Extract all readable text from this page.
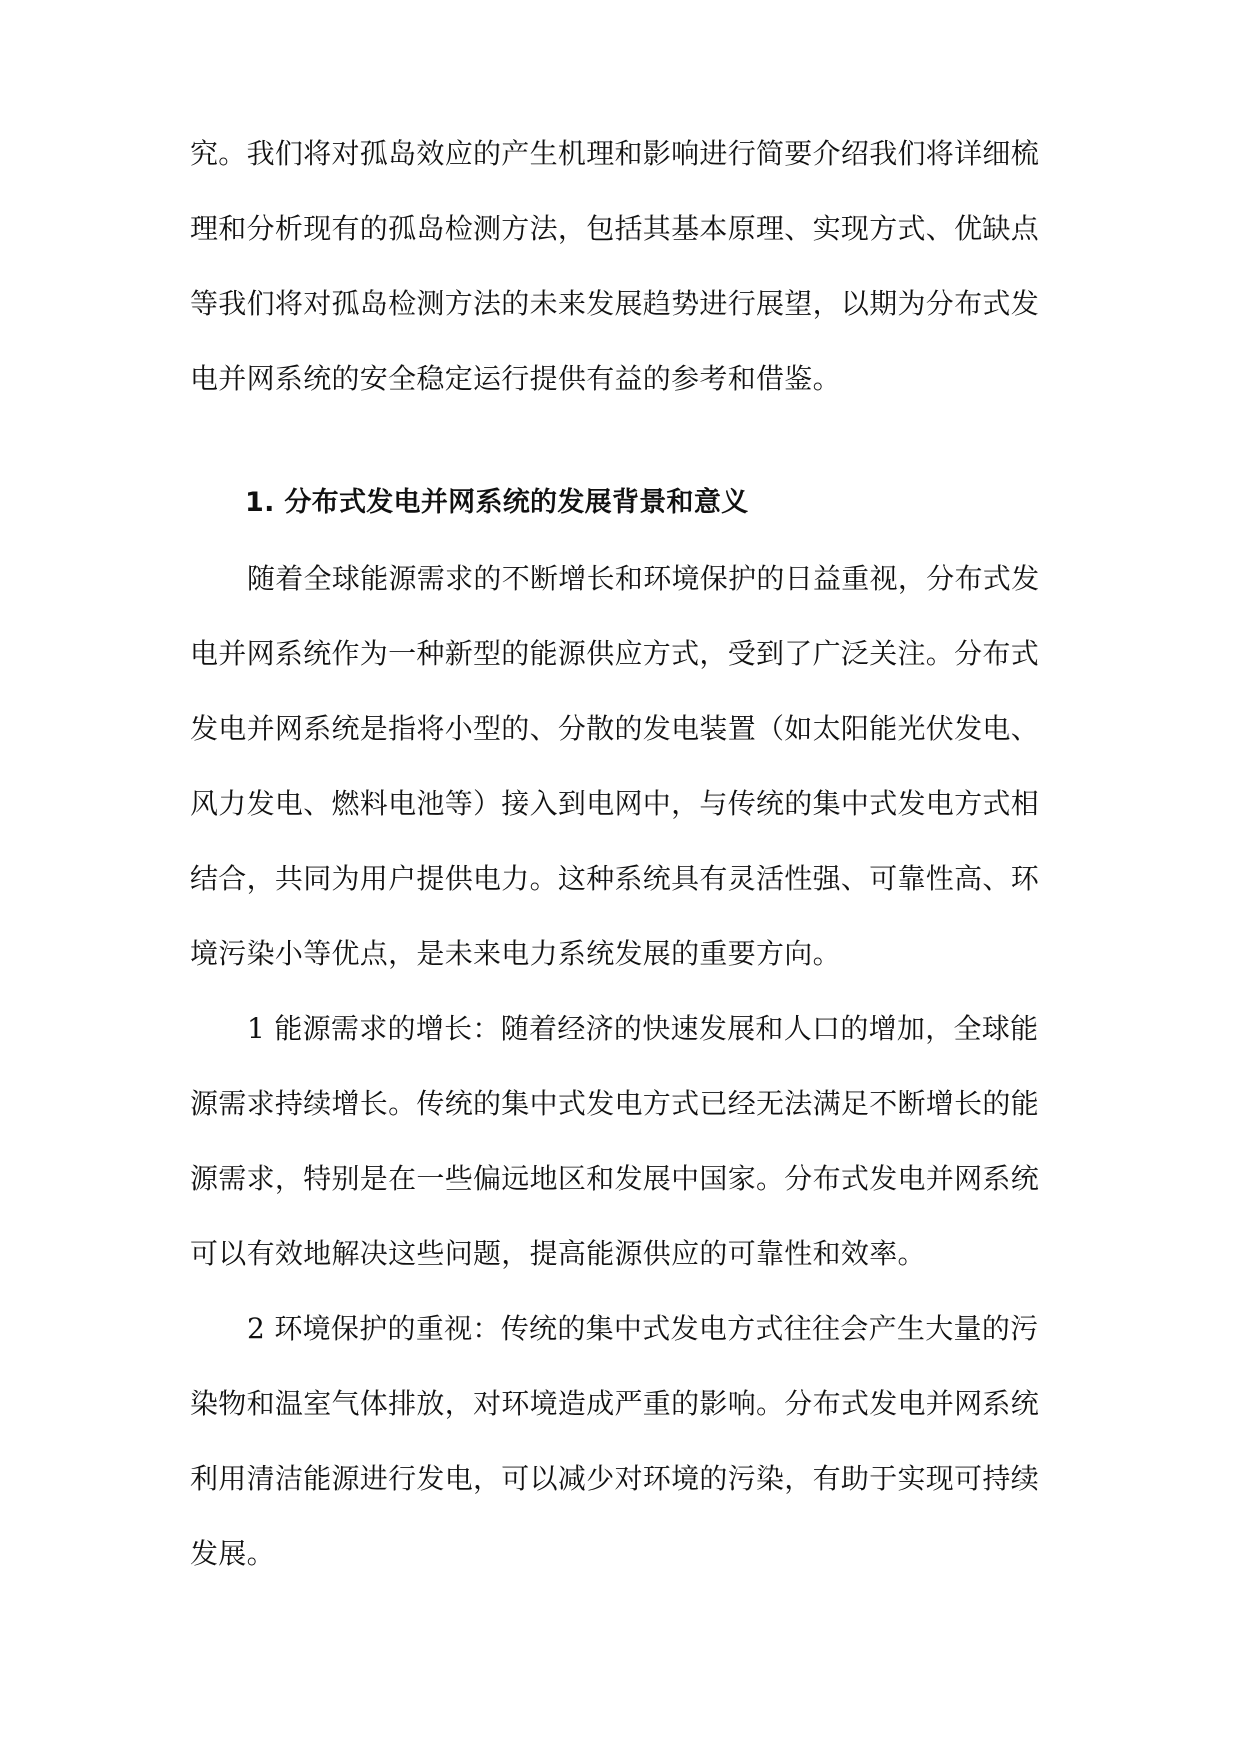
究。我们将对孤岛效应的产生机理和影响进行简要介绍我们将详细梳
理和分析现有的孤岛检测方法，包括其基本原理、实现方式、优缺点
等我们将对孤岛检测方法的未来发展趋势进行展望，以期为分布式发
电并网系统的安全稳定运行提供有益的参考和借鉴。
1. 分布式发电并网系统的发展背景和意义
随着全球能源需求的不断增长和环境保护的日益重视，分布式发
电并网系统作为一种新型的能源供应方式，受到了广泛关注。分布式
发电并网系统是指将小型的、分散的发电装置（如太阳能光伏发电、
风力发电、燃料电池等）接入到电网中，与传统的集中式发电方式相
结合，共同为用户提供电力。这种系统具有灵活性强、可靠性高、环
境污染小等优点，是未来电力系统发展的重要方向。
1 能源需求的增长：随着经济的快速发展和人口的增加，全球能
源需求持续增长。传统的集中式发电方式已经无法满足不断增长的能
源需求，特别是在一些偏远地区和发展中国家。分布式发电并网系统
可以有效地解决这些问题，提高能源供应的可靠性和效率。
2 环境保护的重视：传统的集中式发电方式往往会产生大量的污
染物和温室气体排放，对环境造成严重的影响。分布式发电并网系统
利用清洁能源进行发电，可以减少对环境的污染，有助于实现可持续
发展。
